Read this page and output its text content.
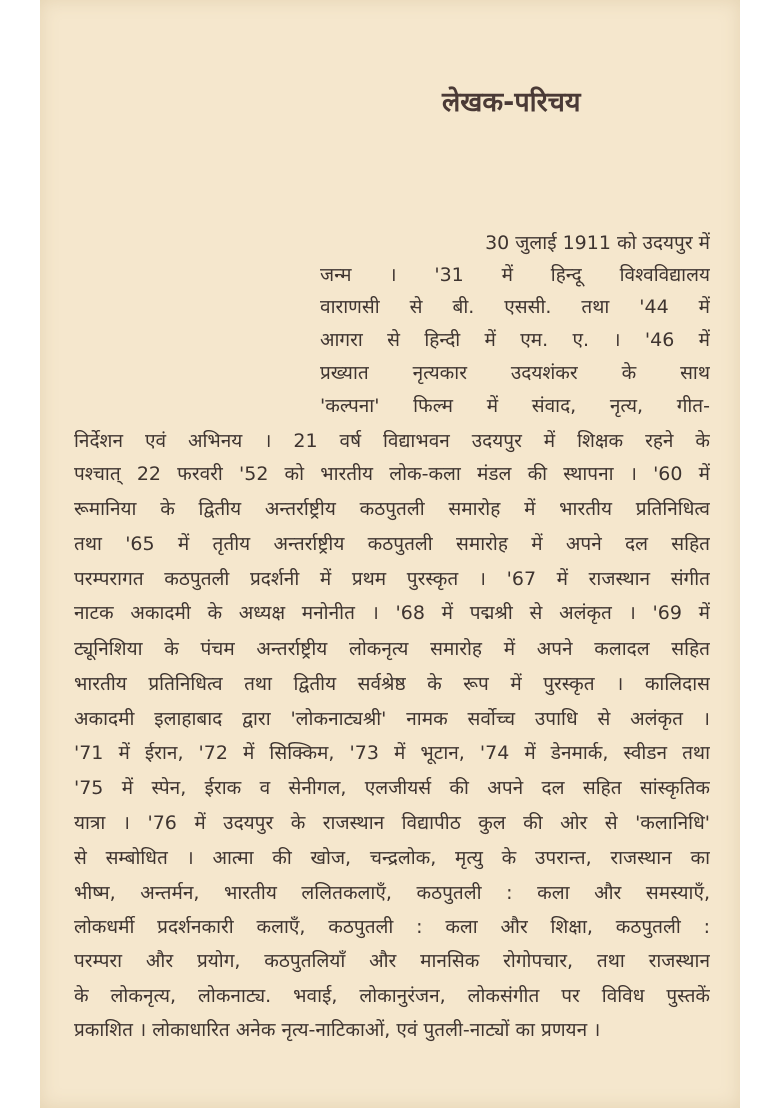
लेखक-परिचय
30 जुलाई 1911 को उदयपुर में
जन्म । '31 में हिन्दू विश्वविद्यालय
वाराणसी से बी. एससी. तथा '44 में
आगरा से हिन्दी में एम. ए. । '46 में
प्रख्यात नृत्यकार उदयशंकर के साथ
'कल्पना' फिल्म में संवाद, नृत्य, गीत-
निर्देशन एवं अभिनय । 21 वर्ष विद्याभवन उदयपुर में शिक्षक रहने के
पश्चात् 22 फरवरी '52 को भारतीय लोक-कला मंडल की स्थापना । '60 में
रूमानिया के द्वितीय अन्तर्राष्ट्रीय कठपुतली समारोह में भारतीय प्रतिनिधित्व
तथा '65 में तृतीय अन्तर्राष्ट्रीय कठपुतली समारोह में अपने दल सहित
परम्परागत कठपुतली प्रदर्शनी में प्रथम पुरस्कृत । '67 में राजस्थान संगीत
नाटक अकादमी के अध्यक्ष मनोनीत । '68 में पद्मश्री से अलंकृत । '69 में
ट्यूनिशिया के पंचम अन्तर्राष्ट्रीय लोकनृत्य समारोह में अपने कलादल सहित
भारतीय प्रतिनिधित्व तथा द्वितीय सर्वश्रेष्ठ के रूप में पुरस्कृत । कालिदास
अकादमी इलाहाबाद द्वारा 'लोकनाट्यश्री' नामक सर्वोच्च उपाधि से अलंकृत ।
'71 में ईरान, '72 में सिक्किम, '73 में भूटान, '74 में डेनमार्क, स्वीडन तथा
'75 में स्पेन, ईराक व सेनीगल, एलजीयर्स की अपने दल सहित सांस्कृतिक
यात्रा । '76 में उदयपुर के राजस्थान विद्यापीठ कुल की ओर से 'कलानिधि'
से सम्बोधित । आत्मा की खोज, चन्द्रलोक, मृत्यु के उपरान्त, राजस्थान का
भीष्म, अन्तर्मन, भारतीय ललितकलाएँ, कठपुतली : कला और समस्याएँ,
लोकधर्मी प्रदर्शनकारी कलाएँ, कठपुतली : कला और शिक्षा, कठपुतली :
परम्परा और प्रयोग, कठपुतलियाँ और मानसिक रोगोपचार, तथा राजस्थान
के लोकनृत्य, लोकनाट्य. भवाई, लोकानुरंजन, लोकसंगीत पर विविध पुस्तकें
प्रकाशित । लोकाधारित अनेक नृत्य-नाटिकाओं, एवं पुतली-नाट्यों का प्रणयन ।
